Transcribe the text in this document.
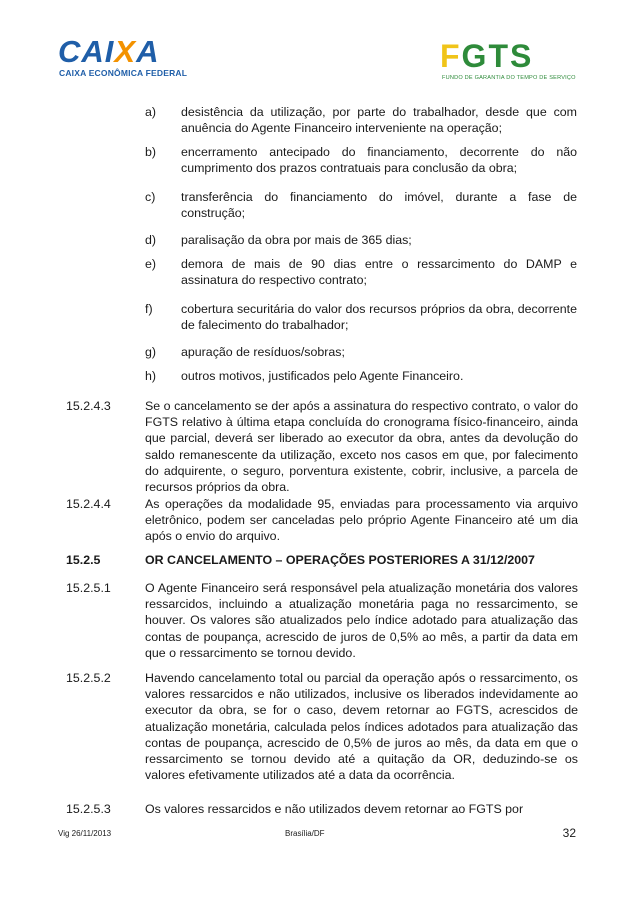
CAIXA
CAIXA ECONÔMICA FEDERAL	FGTS
FUNDO DE GARANTIA DO TEMPO DE SERVIÇO
a)	desistência da utilização, por parte do trabalhador, desde que com anuência do Agente Financeiro interveniente na operação;
b)	encerramento antecipado do financiamento, decorrente do não cumprimento dos prazos contratuais para conclusão da obra;
c)	transferência do financiamento do imóvel, durante a fase de construção;
d)	paralisação da obra por mais de 365 dias;
e)	demora de mais de 90 dias entre o ressarcimento do DAMP e assinatura do respectivo contrato;
f)	cobertura securitária do valor dos recursos próprios da obra, decorrente de falecimento do trabalhador;
g)	apuração de resíduos/sobras;
h)	outros motivos, justificados pelo Agente Financeiro.
15.2.4.3	Se o cancelamento se der após a assinatura do respectivo contrato, o valor do FGTS relativo à última etapa concluída do cronograma físico-financeiro, ainda que parcial, deverá ser liberado ao executor da obra, antes da devolução do saldo remanescente da utilização, exceto nos casos em que, por falecimento do adquirente, o seguro, porventura existente, cobrir, inclusive, a parcela de recursos próprios da obra.
15.2.4.4	As operações da modalidade 95, enviadas para processamento via arquivo eletrônico, podem ser canceladas pelo próprio Agente Financeiro até um dia após o envio do arquivo.
15.2.5	OR CANCELAMENTO – OPERAÇÕES POSTERIORES A 31/12/2007
15.2.5.1	O Agente Financeiro será responsável pela atualização monetária dos valores ressarcidos, incluindo a atualização monetária paga no ressarcimento, se houver. Os valores são atualizados pelo índice adotado para atualização das contas de poupança, acrescido de juros de 0,5% ao mês, a partir da data em que o ressarcimento se tornou devido.
15.2.5.2	Havendo cancelamento total ou parcial da operação após o ressarcimento, os valores ressarcidos e não utilizados, inclusive os liberados indevidamente ao executor da obra, se for o caso, devem retornar ao FGTS, acrescidos de atualização monetária, calculada pelos índices adotados para atualização das contas de poupança, acrescido de 0,5% de juros ao mês, da data em que o ressarcimento se tornou devido até a quitação da OR, deduzindo-se os valores efetivamente utilizados até a data da ocorrência.
15.2.5.3	Os valores ressarcidos e não utilizados devem retornar ao FGTS por
Vig 26/11/2013	Brasília/DF	32
